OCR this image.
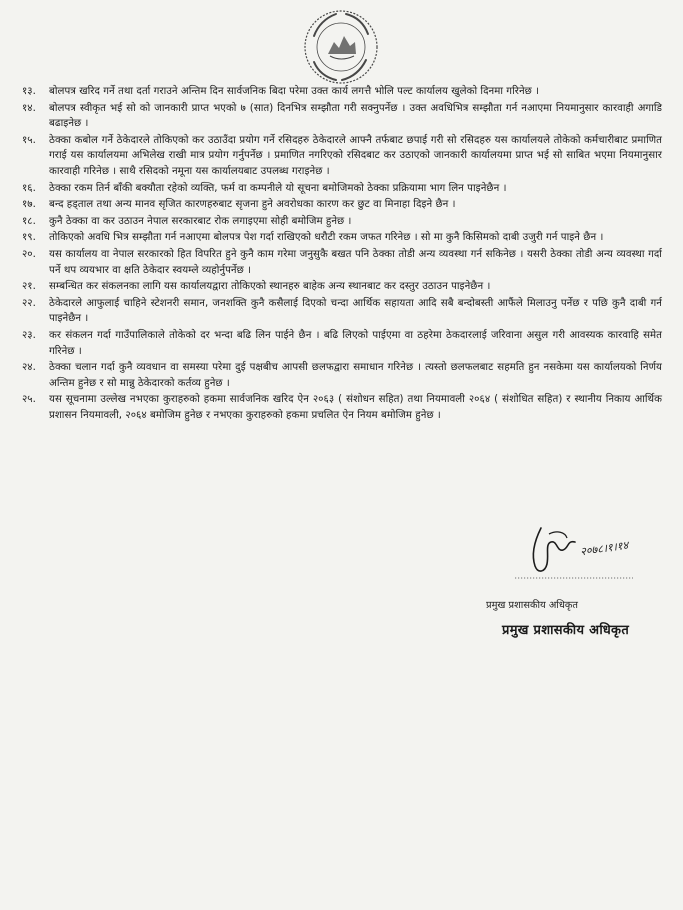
१३.	बोलपत्र खरिद गर्ने तथा दर्ता गराउने अन्तिम दिन सार्वजनिक बिदा परेमा उक्त कार्य लगत्तै भोलि पल्ट कार्यालय खुलेको दिनमा गरिनेछ ।
१४.	बोलपत्र स्वीकृत भई सो को जानकारी प्राप्त भएको ७ (सात) दिनभित्र सम्झौता गरी सक्नुपर्नेछ । उक्त अवधिभित्र सम्झौता गर्न नआएमा नियमानुसार कारवाही अगाडि बढाइनेछ ।
१५.	ठेक्का कबोल गर्ने ठेकेदारले तोकिएको कर उठाउँदा प्रयोग गर्ने रसिदहरु ठेकेदारले आफ्नै तर्फबाट छपाई गरी सो रसिदहरु यस कार्यालयले तोकेको कर्मचारीबाट प्रमाणित गराई यस कार्यालयमा अभिलेख राखी मात्र प्रयोग गर्नुपर्नेछ । प्रमाणित नगरिएको रसिदबाट कर उठाएको जानकारी कार्यालयमा प्राप्त भई सो साबित भएमा नियमानुसार कारवाही गरिनेछ । साथै रसिदको नमूना यस कार्यालयबाट उपलब्ध गराइनेछ ।
१६.	ठेक्का रकम तिर्न बाँकी बक्यौता रहेको व्यक्ति, फर्म वा कम्पनीले यो सूचना बमोजिमको ठेक्का प्रक्रियामा भाग लिन पाइनेछैन ।
१७.	बन्द हड्ताल तथा अन्य मानव सृजित कारणहरुबाट सृजना हुने अवरोधका कारण कर छुट वा मिनाहा दिइने छैन ।
१८.	कुनै ठेक्का वा कर उठाउन नेपाल सरकारबाट रोक लगाइएमा सोही बमोजिम हुनेछ ।
१९.	तोकिएको अवधि भित्र सम्झौता गर्न नआएमा बोलपत्र पेश गर्दा राखिएको धरौटी रकम जफत गरिनेछ । सो मा कुनै किसिमको दाबी उजुरी गर्न पाइने छैन ।
२०.	यस कार्यालय वा नेपाल सरकारको हित विपरित हुने कुनै काम गरेमा जनुसुकै बखत पनि ठेक्का तोडी अन्य व्यवस्था गर्न सकिनेछ । यसरी ठेक्का तोडी अन्य व्यवस्था गर्दा पर्ने थप व्ययभार वा क्षति ठेकेदार स्वयम्ले व्यहोर्नुपर्नेछ ।
२१.	सम्बन्धित कर संकलनका लागि यस कार्यालयद्वारा तोकिएको स्थानहरु बाहेक अन्य स्थानबाट कर दस्तुर उठाउन पाइनेछैन ।
२२.	ठेकेदारले आफुलाई चाहिने स्टेशनरी समान, जनशक्ति कुनै कसैलाई दिएको चन्दा आर्थिक सहायता आदि सबै बन्दोबस्ती आफैंले मिलाउनु पर्नेछ र पछि कुनै दाबी गर्न पाइनेछैन ।
२३.	कर संकलन गर्दा गाउँपालिकाले तोकेको दर भन्दा बढि लिन पाईने छैन । बढि लिएको पाईएमा वा ठहरेमा ठेकदारलाई जरिवाना असुल गरी आवस्यक कारवाहि समेत गरिनेछ ।
२४.	ठेक्का चलान गर्दा कुनै व्यवधान वा समस्या परेमा दुई पक्षबीच आपसी छलफद्वारा समाधान गरिनेछ । त्यस्तो छलफलबाट सहमति हुन नसकेमा यस कार्यालयको निर्णय अन्तिम हुनेछ र सो मान्नु ठेकेदारको कर्तव्य हुनेछ ।
२५.	यस सूचनामा उल्लेख नभएका कुराहरुको हकमा सार्वजनिक खरिद ऐन २०६३ ( संशोधन सहित) तथा नियमावली २०६४ ( संशोधित सहित) र स्थानीय निकाय आर्थिक प्रशासन नियमावली, २०६४ बमोजिम हुनेछ र नभएका कुराहरुको हकमा प्रचलित ऐन नियम बमोजिम हुनेछ ।
२०७८।१।१४
प्रमुख प्रशासकीय अधिकृत
प्रमुख प्रशासकीय अधिकृत
